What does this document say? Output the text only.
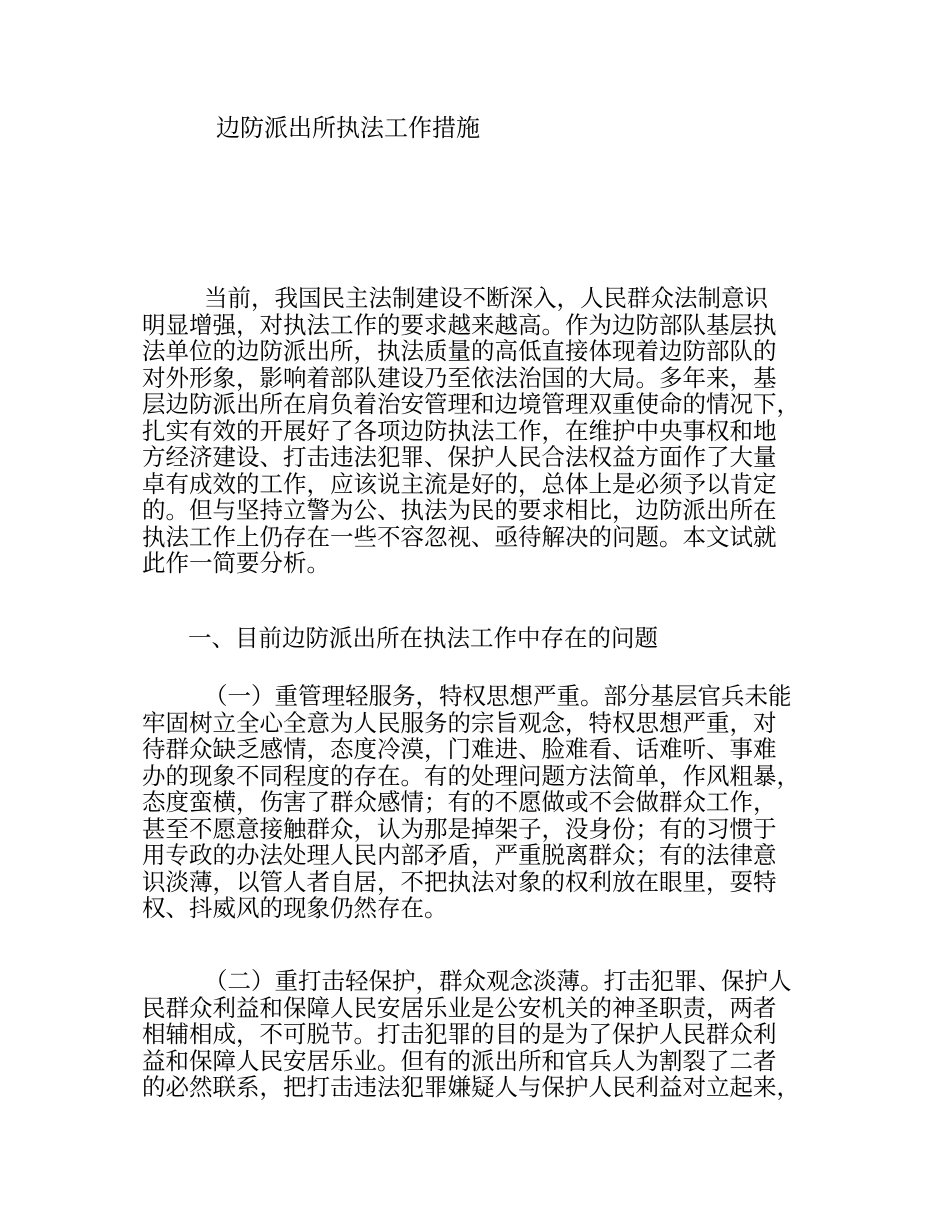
边防派出所执法工作措施
当前，我国民主法制建设不断深入，人民群众法制意识
明显增强，对执法工作的要求越来越高。作为边防部队基层执
法单位的边防派出所，执法质量的高低直接体现着边防部队的
对外形象，影响着部队建设乃至依法治国的大局。多年来，基
层边防派出所在肩负着治安管理和边境管理双重使命的情况下，
扎实有效的开展好了各项边防执法工作，在维护中央事权和地
方经济建设、打击违法犯罪、保护人民合法权益方面作了大量
卓有成效的工作，应该说主流是好的，总体上是必须予以肯定
的。但与坚持立警为公、执法为民的要求相比，边防派出所在
执法工作上仍存在一些不容忽视、亟待解决的问题。本文试就
此作一简要分析。
一、目前边防派出所在执法工作中存在的问题
（一）重管理轻服务，特权思想严重。部分基层官兵未能
牢固树立全心全意为人民服务的宗旨观念，特权思想严重，对
待群众缺乏感情，态度冷漠，门难进、脸难看、话难听、事难
办的现象不同程度的存在。有的处理问题方法简单，作风粗暴，
态度蛮横，伤害了群众感情；有的不愿做或不会做群众工作，
甚至不愿意接触群众，认为那是掉架子，没身份；有的习惯于
用专政的办法处理人民内部矛盾，严重脱离群众；有的法律意
识淡薄，以管人者自居，不把执法对象的权利放在眼里，耍特
权、抖威风的现象仍然存在。
（二）重打击轻保护，群众观念淡薄。打击犯罪、保护人
民群众利益和保障人民安居乐业是公安机关的神圣职责，两者
相辅相成，不可脱节。打击犯罪的目的是为了保护人民群众利
益和保障人民安居乐业。但有的派出所和官兵人为割裂了二者
的必然联系，把打击违法犯罪嫌疑人与保护人民利益对立起来，
